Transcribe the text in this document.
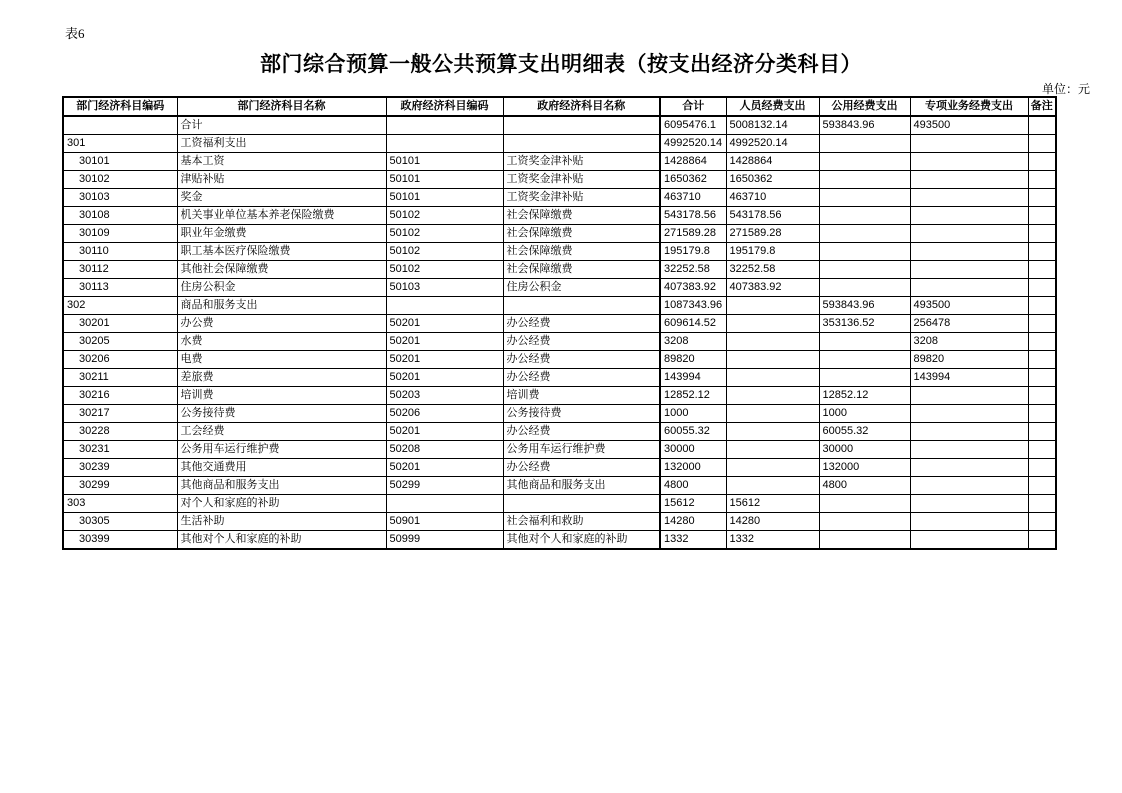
表6
部门综合预算一般公共预算支出明细表（按支出经济分类科目）
单位：元
部门经济科目编码	部门经济科目名称	政府经济科目编码	政府经济科目名称	合计	人员经费支出	公用经费支出	专项业务经费支出	备注
	合计			6095476.1	5008132.14	593843.96	493500	
301	工资福利支出			4992520.14	4992520.14			
30101	基本工资	50101	工资奖金津补贴	1428864	1428864			
30102	津贴补贴	50101	工资奖金津补贴	1650362	1650362			
30103	奖金	50101	工资奖金津补贴	463710	463710			
30108	机关事业单位基本养老保险缴费	50102	社会保障缴费	543178.56	543178.56			
30109	职业年金缴费	50102	社会保障缴费	271589.28	271589.28			
30110	职工基本医疗保险缴费	50102	社会保障缴费	195179.8	195179.8			
30112	其他社会保障缴费	50102	社会保障缴费	32252.58	32252.58			
30113	住房公积金	50103	住房公积金	407383.92	407383.92			
302	商品和服务支出			1087343.96		593843.96	493500	
30201	办公费	50201	办公经费	609614.52		353136.52	256478	
30205	水费	50201	办公经费	3208			3208	
30206	电费	50201	办公经费	89820			89820	
30211	差旅费	50201	办公经费	143994			143994	
30216	培训费	50203	培训费	12852.12		12852.12		
30217	公务接待费	50206	公务接待费	1000		1000		
30228	工会经费	50201	办公经费	60055.32		60055.32		
30231	公务用车运行维护费	50208	公务用车运行维护费	30000		30000		
30239	其他交通费用	50201	办公经费	132000		132000		
30299	其他商品和服务支出	50299	其他商品和服务支出	4800		4800		
303	对个人和家庭的补助			15612	15612			
30305	生活补助	50901	社会福利和救助	14280	14280			
30399	其他对个人和家庭的补助	50999	其他对个人和家庭的补助	1332	1332			
